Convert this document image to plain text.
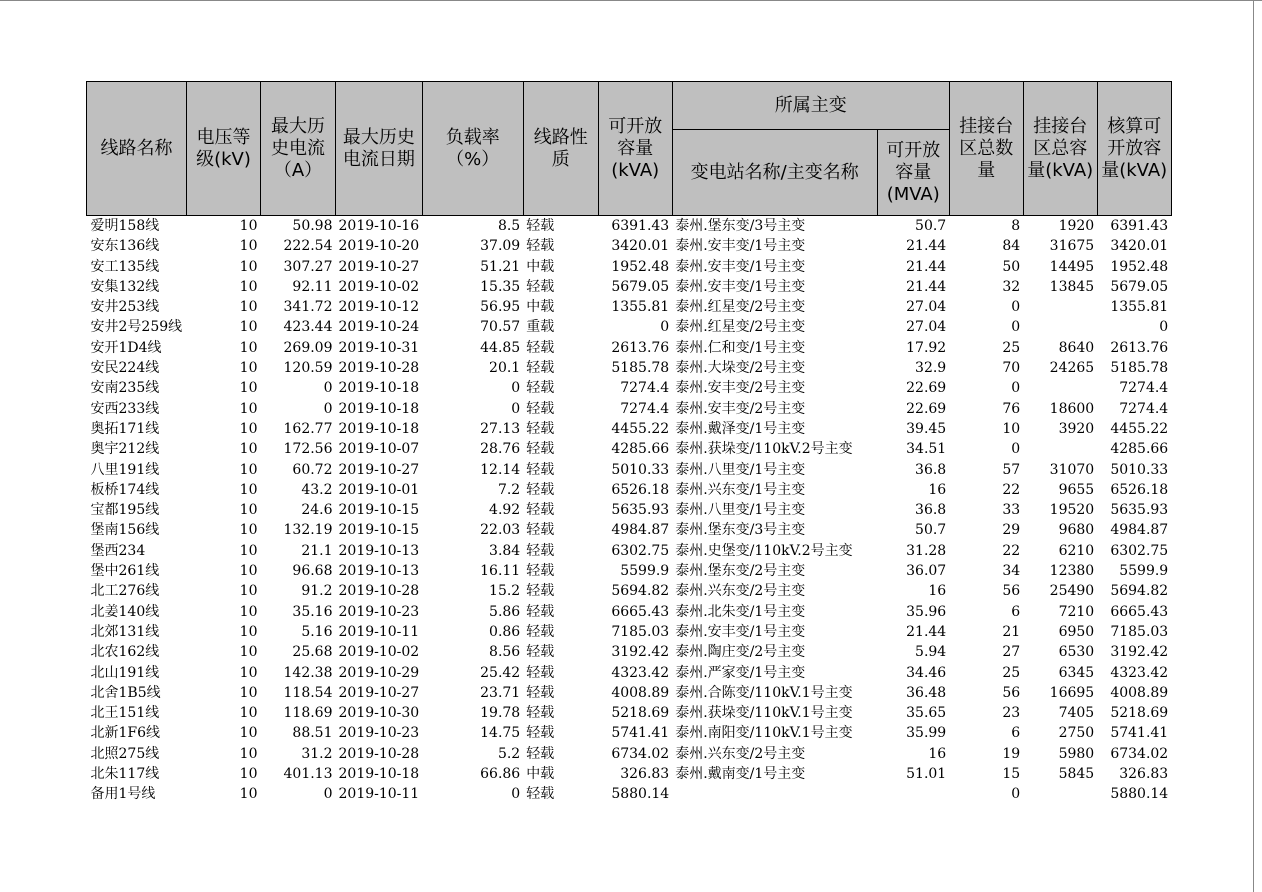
线路名称	电压等级(kV)	最大历史电流（A）	最大历史电流日期	负载率（%）	线路性质	可开放容量(kVA)	所属主变		挂接台区总数量	挂接台区总容量(kVA)	核算可开放容量(kVA)
							变电站名称/主变名称	可开放容量(MVA)			
爱明158线	10	50.98	2019-10-16	8.5	轻载	6391.43	泰州.堡东变/3号主变	50.7	8	1920	6391.43
安东136线	10	222.54	2019-10-20	37.09	轻载	3420.01	泰州.安丰变/1号主变	21.44	84	31675	3420.01
安工135线	10	307.27	2019-10-27	51.21	中载	1952.48	泰州.安丰变/1号主变	21.44	50	14495	1952.48
安集132线	10	92.11	2019-10-02	15.35	轻载	5679.05	泰州.安丰变/1号主变	21.44	32	13845	5679.05
安井253线	10	341.72	2019-10-12	56.95	中载	1355.81	泰州.红星变/2号主变	27.04	0		1355.81
安井2号259线	10	423.44	2019-10-24	70.57	重载	0	泰州.红星变/2号主变	27.04	0		0
安开1D4线	10	269.09	2019-10-31	44.85	轻载	2613.76	泰州.仁和变/1号主变	17.92	25	8640	2613.76
安民224线	10	120.59	2019-10-28	20.1	轻载	5185.78	泰州.大垛变/2号主变	32.9	70	24265	5185.78
安南235线	10	0	2019-10-18	0	轻载	7274.4	泰州.安丰变/2号主变	22.69	0		7274.4
安西233线	10	0	2019-10-18	0	轻载	7274.4	泰州.安丰变/2号主变	22.69	76	18600	7274.4
奥拓171线	10	162.77	2019-10-18	27.13	轻载	4455.22	泰州.戴泽变/1号主变	39.45	10	3920	4455.22
奥宇212线	10	172.56	2019-10-07	28.76	轻载	4285.66	泰州.获垛变/110kV.2号主变	34.51	0		4285.66
八里191线	10	60.72	2019-10-27	12.14	轻载	5010.33	泰州.八里变/1号主变	36.8	57	31070	5010.33
板桥174线	10	43.2	2019-10-01	7.2	轻载	6526.18	泰州.兴东变/1号主变	16	22	9655	6526.18
宝都195线	10	24.6	2019-10-15	4.92	轻载	5635.93	泰州.八里变/1号主变	36.8	33	19520	5635.93
堡南156线	10	132.19	2019-10-15	22.03	轻载	4984.87	泰州.堡东变/3号主变	50.7	29	9680	4984.87
堡西234	10	21.1	2019-10-13	3.84	轻载	6302.75	泰州.史堡变/110kV.2号主变	31.28	22	6210	6302.75
堡中261线	10	96.68	2019-10-13	16.11	轻载	5599.9	泰州.堡东变/2号主变	36.07	34	12380	5599.9
北工276线	10	91.2	2019-10-28	15.2	轻载	5694.82	泰州.兴东变/2号主变	16	56	25490	5694.82
北姜140线	10	35.16	2019-10-23	5.86	轻载	6665.43	泰州.北朱变/1号主变	35.96	6	7210	6665.43
北郊131线	10	5.16	2019-10-11	0.86	轻载	7185.03	泰州.安丰变/1号主变	21.44	21	6950	7185.03
北农162线	10	25.68	2019-10-02	8.56	轻载	3192.42	泰州.陶庄变/2号主变	5.94	27	6530	3192.42
北山191线	10	142.38	2019-10-29	25.42	轻载	4323.42	泰州.严家变/1号主变	34.46	25	6345	4323.42
北舍1B5线	10	118.54	2019-10-27	23.71	轻载	4008.89	泰州.合陈变/110kV.1号主变	36.48	56	16695	4008.89
北王151线	10	118.69	2019-10-30	19.78	轻载	5218.69	泰州.获垛变/110kV.1号主变	35.65	23	7405	5218.69
北新1F6线	10	88.51	2019-10-23	14.75	轻载	5741.41	泰州.南阳变/110kV.1号主变	35.99	6	2750	5741.41
北照275线	10	31.2	2019-10-28	5.2	轻载	6734.02	泰州.兴东变/2号主变	16	19	5980	6734.02
北朱117线	10	401.13	2019-10-18	66.86	中载	326.83	泰州.戴南变/1号主变	51.01	15	5845	326.83
备用1号线	10	0	2019-10-11	0	轻载	5880.14			0		5880.14
